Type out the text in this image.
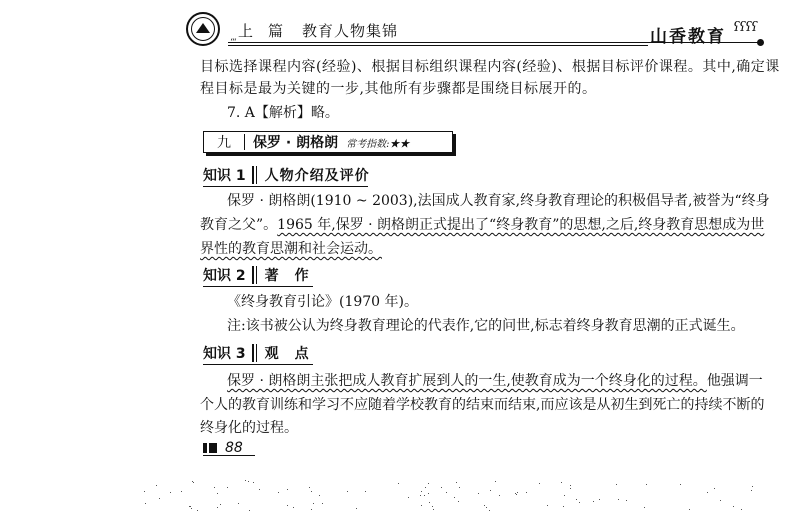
上 篇 教育人物集锦	山香教育 ʕʕʕʕ
ʻʻʻ
目标选择课程内容(经验)、根据目标组织课程内容(经验)、根据目标评价课程。其中,确定课
程目标是最为关键的一步,其他所有步骤都是围绕目标展开的。
7. A【解析】略。
九	保罗 · 朗格朗 常考指数:★★
知识 1	人物介绍及评价
保罗 · 朗格朗(1910 ~ 2003),法国成人教育家,终身教育理论的积极倡导者,被誉为“终身
教育之父”。1965 年,保罗 · 朗格朗正式提出了“终身教育”的思想,之后,终身教育思想成为世
界性的教育思潮和社会运动。
知识 2	著　作
《终身教育引论》(1970 年)。
注:该书被公认为终身教育理论的代表作,它的问世,标志着终身教育思潮的正式诞生。
知识 3	观　点
保罗 · 朗格朗主张把成人教育扩展到人的一生,使教育成为一个终身化的过程。他强调一
个人的教育训练和学习不应随着学校教育的结束而结束,而应该是从初生到死亡的持续不断的
终身化的过程。
88
